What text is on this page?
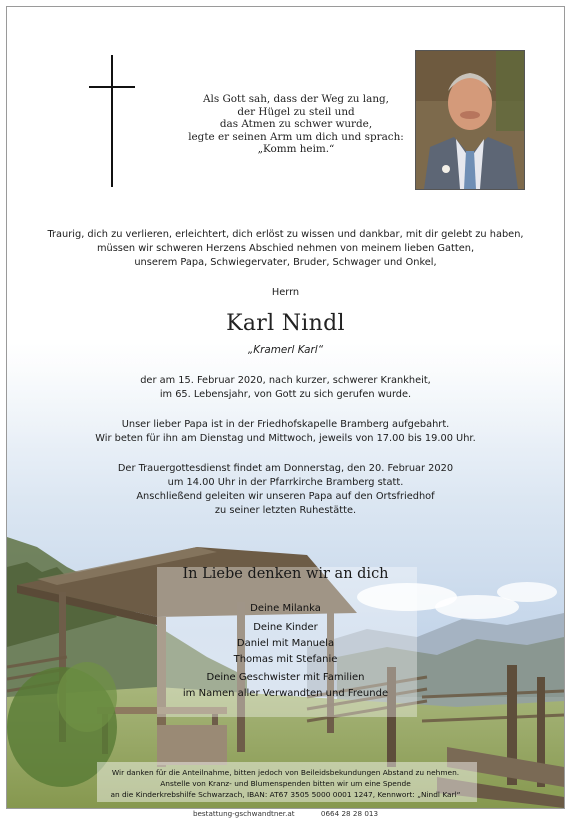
Als Gott sah, dass der Weg zu lang,
der Hügel zu steil und
das Atmen zu schwer wurde,
legte er seinen Arm um dich und sprach:
„Komm heim.“
Traurig, dich zu verlieren, erleichtert, dich erlöst zu wissen und dankbar, mit dir gelebt zu haben,
müssen wir schweren Herzens Abschied nehmen von meinem lieben Gatten,
unserem Papa, Schwiegervater, Bruder, Schwager und Onkel,
Herrn
Karl Nindl
„Kramerl Karl“
der am 15. Februar 2020, nach kurzer, schwerer Krankheit,
im 65. Lebensjahr, von Gott zu sich gerufen wurde.
Unser lieber Papa ist in der Friedhofskapelle Bramberg aufgebahrt.
Wir beten für ihn am Dienstag und Mittwoch, jeweils von 17.00 bis 19.00 Uhr.
Der Trauergottesdienst findet am Donnerstag, den 20. Februar 2020
um 14.00 Uhr in der Pfarrkirche Bramberg statt.
Anschließend geleiten wir unseren Papa auf den Ortsfriedhof
zu seiner letzten Ruhestätte.
In Liebe denken wir an dich
Deine Milanka
Deine Kinder
Daniel mit Manuela
Thomas mit Stefanie
Deine Geschwister mit Familien
im Namen aller Verwandten und Freunde
Wir danken für die Anteilnahme, bitten jedoch von Beileidsbekundungen Abstand zu nehmen.
Anstelle von Kranz- und Blumenspenden bitten wir um eine Spende
an die Kinderkrebshilfe Schwarzach, IBAN: AT67 3505 5000 0001 1247, Kennwort: „Nindl Karl“
bestattung-gschwandtner.at	0664 28 28 013
